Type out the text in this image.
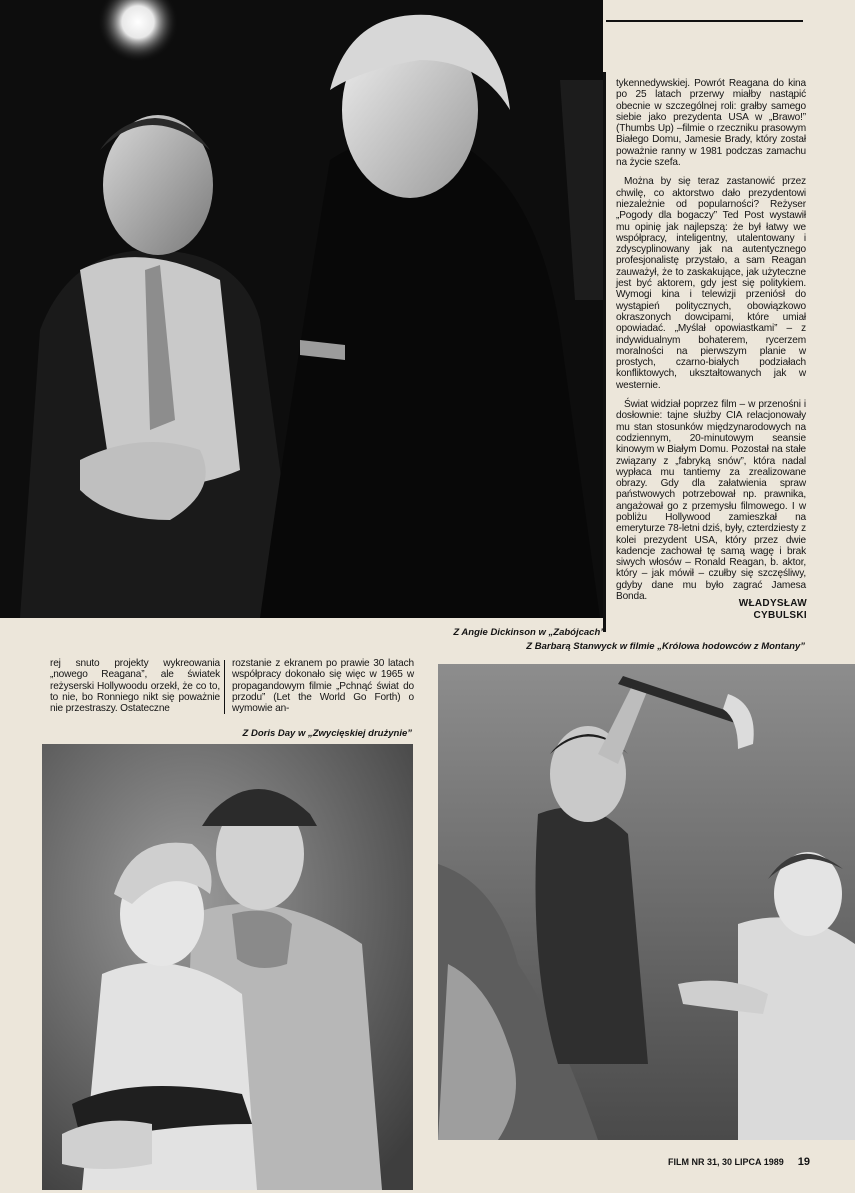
tykennedywskiej. Powrót Reagana do kina po 25 latach przerwy miałby nastąpić obecnie w szczególnej roli: grałby samego siebie jako prezydenta USA w „Brawo!” (Thumbs Up) –filmie o rzeczniku prasowym Białego Domu, Jamesie Brady, który został poważnie ranny w 1981 podczas zamachu na życie szefa.

Można by się teraz zastanowić przez chwilę, co aktorstwo dało prezydentowi niezależnie od popularności? Reżyser „Pogody dla bogaczy” Ted Post wystawił mu opinię jak najlepszą: że był łatwy we współpracy, inteligentny, utalentowany i zdyscyplinowany jak na autentycznego profesjonalistę przystało, a sam Reagan zauważył, że to zaskakujące, jak użyteczne jest być aktorem, gdy jest się politykiem. Wymogi kina i telewizji przeniósł do wystąpień politycznych, obowiązkowo okraszonych dowcipami, które umiał opowiadać. „Myślał opowiastkami” – z indywidualnym bohaterem, rycerzem moralności na pierwszym planie w prostych, czarno-białych podziałach konfliktowych, ukształtowanych jak w westernie.

Świat widział poprzez film – w przenośni i dosłownie: tajne służby CIA relacjonowały mu stan stosunków międzynarodowych na codziennym, 20-minutowym seansie kinowym w Białym Domu. Pozostał na stałe związany z „fabryką snów”, która nadal wypłaca mu tantiemy za zrealizowane obrazy. Gdy dla załatwienia spraw państwowych potrzebował np. prawnika, angażował go z przemysłu filmowego. I w pobliżu Hollywood zamieszkał na emeryturze 78-letni dziś, były, czterdziesty z kolei prezydent USA, który przez dwie kadencje zachował tę samą wagę i brak siwych włosów – Ronald Reagan, b. aktor, który – jak mówił – czułby się szczęśliwy, gdyby dane mu było zagrać Jamesa Bonda.

WŁADYSŁAW
CYBULSKI
Z Angie Dickinson w „Zabójcach”
Z Barbarą Stanwyck w filmie „Królowa hodowców z Montany”
rej snuto projekty wykreowania „nowego Reagana”, ale światek reżyserski Hollywoodu orzekł, że co to, to nie, bo Ronniego nikt się poważnie nie przestraszy. Ostateczne
rozstanie z ekranem po prawie 30 latach współpracy dokonało się więc w 1965 w propagandowym filmie „Pchnąć świat do przodu” (Let the World Go Forth) o wymowie an-
Z Doris Day w „Zwycięskiej drużynie”
FILM NR 31, 30 LIPCA 1989 19
